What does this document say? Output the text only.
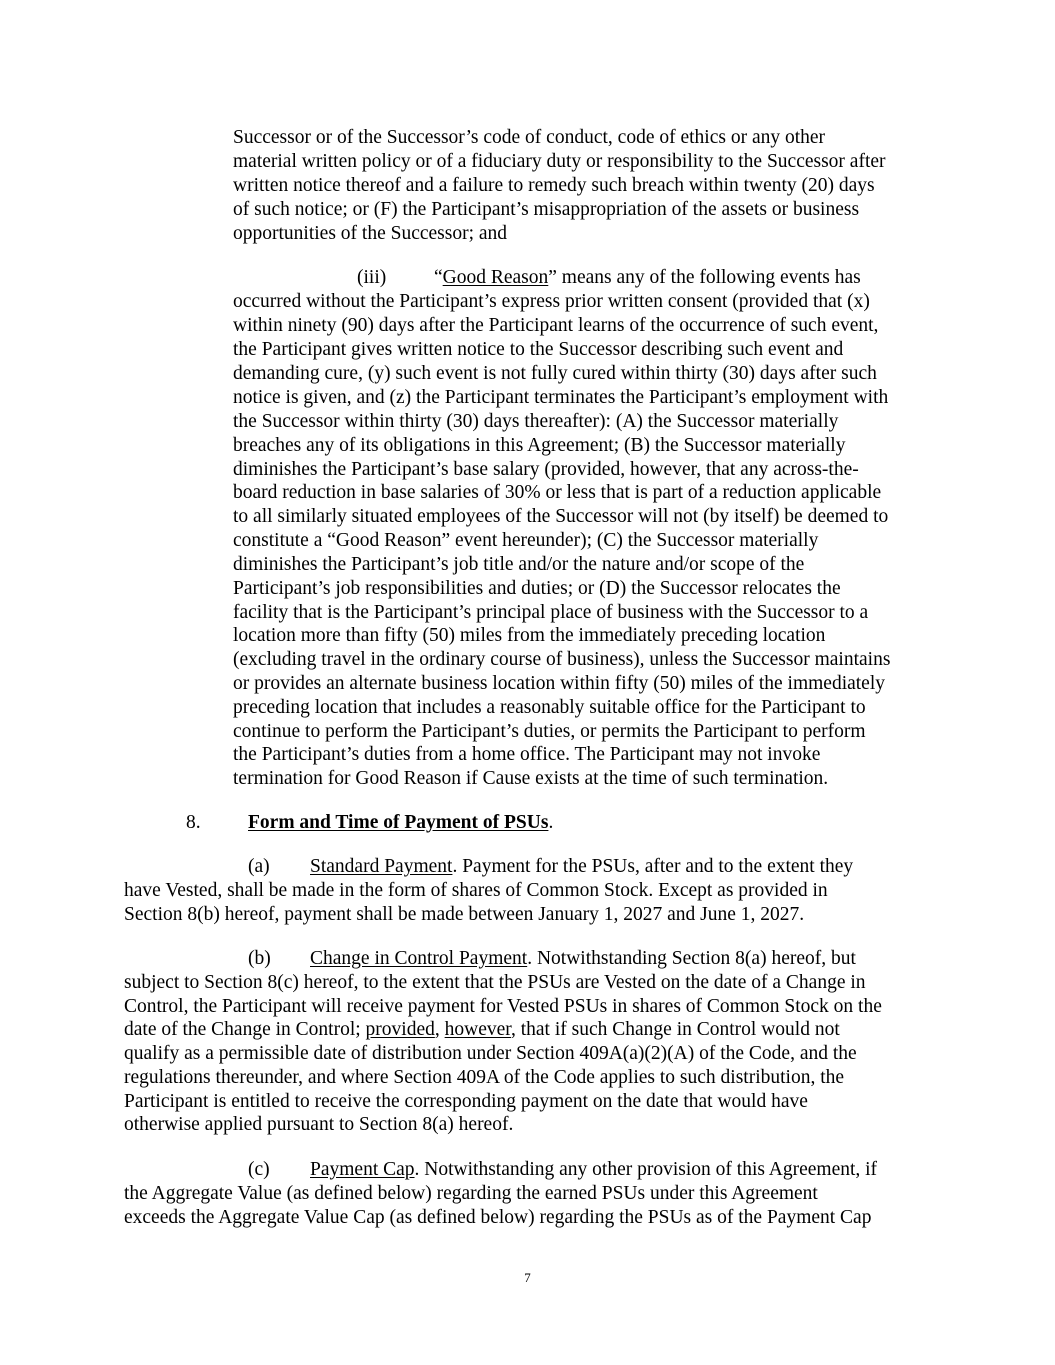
Successor or of the Successor’s code of conduct, code of ethics or any other
material written policy or of a fiduciary duty or responsibility to the Successor after
written notice thereof and a failure to remedy such breach within twenty (20) days
of such notice; or (F) the Participant’s misappropriation of the assets or business
opportunities of the Successor; and
(iii) “Good Reason” means any of the following events has
occurred without the Participant’s express prior written consent (provided that (x)
within ninety (90) days after the Participant learns of the occurrence of such event,
the Participant gives written notice to the Successor describing such event and
demanding cure, (y) such event is not fully cured within thirty (30) days after such
notice is given, and (z) the Participant terminates the Participant’s employment with
the Successor within thirty (30) days thereafter): (A) the Successor materially
breaches any of its obligations in this Agreement; (B) the Successor materially
diminishes the Participant’s base salary (provided, however, that any across-the-
board reduction in base salaries of 30% or less that is part of a reduction applicable
to all similarly situated employees of the Successor will not (by itself) be deemed to
constitute a “Good Reason” event hereunder); (C) the Successor materially
diminishes the Participant’s job title and/or the nature and/or scope of the
Participant’s job responsibilities and duties; or (D) the Successor relocates the
facility that is the Participant’s principal place of business with the Successor to a
location more than fifty (50) miles from the immediately preceding location
(excluding travel in the ordinary course of business), unless the Successor maintains
or provides an alternate business location within fifty (50) miles of the immediately
preceding location that includes a reasonably suitable office for the Participant to
continue to perform the Participant’s duties, or permits the Participant to perform
the Participant’s duties from a home office. The Participant may not invoke
termination for Good Reason if Cause exists at the time of such termination.
8. Form and Time of Payment of PSUs.
(a) Standard Payment. Payment for the PSUs, after and to the extent they
have Vested, shall be made in the form of shares of Common Stock. Except as provided in
Section 8(b) hereof, payment shall be made between January 1, 2027 and June 1, 2027.
(b) Change in Control Payment. Notwithstanding Section 8(a) hereof, but
subject to Section 8(c) hereof, to the extent that the PSUs are Vested on the date of a Change in
Control, the Participant will receive payment for Vested PSUs in shares of Common Stock on the
date of the Change in Control; provided, however, that if such Change in Control would not
qualify as a permissible date of distribution under Section 409A(a)(2)(A) of the Code, and the
regulations thereunder, and where Section 409A of the Code applies to such distribution, the
Participant is entitled to receive the corresponding payment on the date that would have
otherwise applied pursuant to Section 8(a) hereof.
(c) Payment Cap. Notwithstanding any other provision of this Agreement, if
the Aggregate Value (as defined below) regarding the earned PSUs under this Agreement
exceeds the Aggregate Value Cap (as defined below) regarding the PSUs as of the Payment Cap
7
